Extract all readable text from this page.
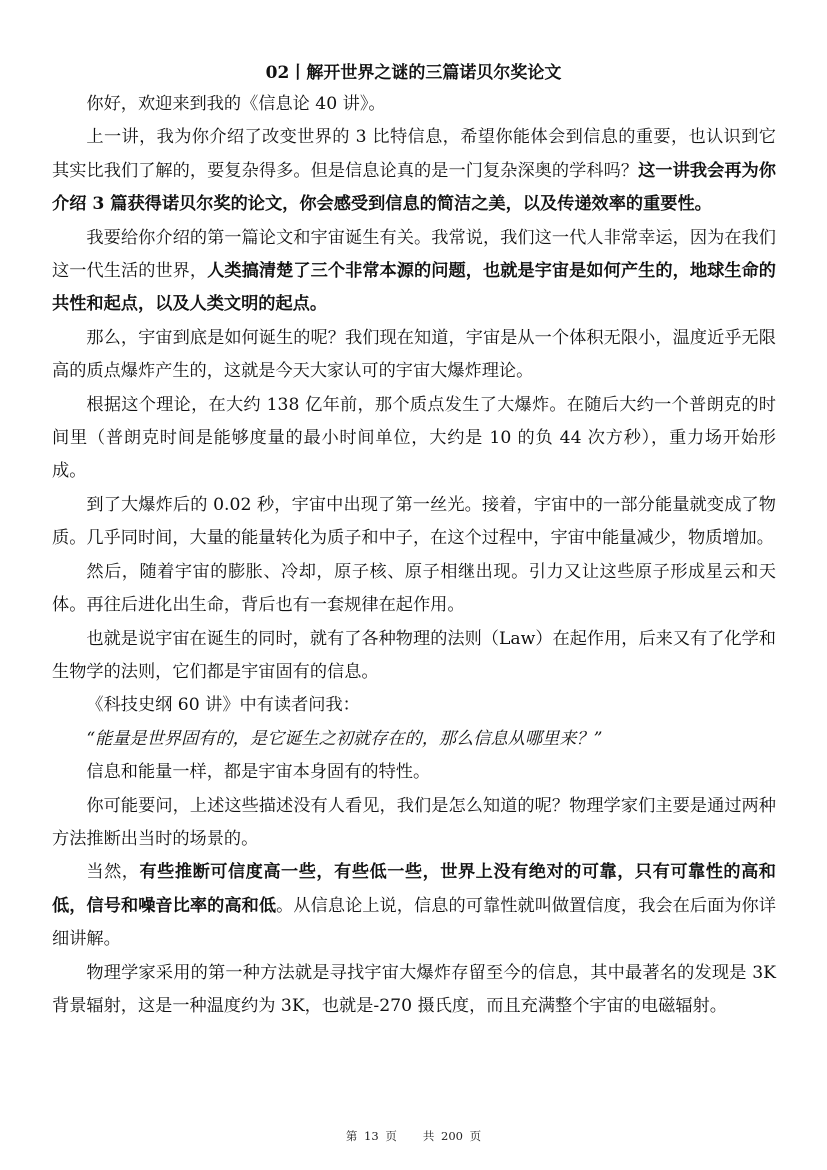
02丨解开世界之谜的三篇诺贝尔奖论文

你好，欢迎来到我的《信息论 40 讲》。

上一讲，我为你介绍了改变世界的 3 比特信息，希望你能体会到信息的重要，也认识到它其实比我们了解的，要复杂得多。但是信息论真的是一门复杂深奥的学科吗？这一讲我会再为你介绍 3 篇获得诺贝尔奖的论文，你会感受到信息的简洁之美，以及传递效率的重要性。

我要给你介绍的第一篇论文和宇宙诞生有关。我常说，我们这一代人非常幸运，因为在我们这一代生活的世界，人类搞清楚了三个非常本源的问题，也就是宇宙是如何产生的，地球生命的共性和起点，以及人类文明的起点。

那么，宇宙到底是如何诞生的呢？我们现在知道，宇宙是从一个体积无限小，温度近乎无限高的质点爆炸产生的，这就是今天大家认可的宇宙大爆炸理论。

根据这个理论，在大约 138 亿年前，那个质点发生了大爆炸。在随后大约一个普朗克的时间里（普朗克时间是能够度量的最小时间单位，大约是 10 的负 44 次方秒），重力场开始形成。

到了大爆炸后的 0.02 秒，宇宙中出现了第一丝光。接着，宇宙中的一部分能量就变成了物质。几乎同时间，大量的能量转化为质子和中子，在这个过程中，宇宙中能量减少，物质增加。

然后，随着宇宙的膨胀、冷却，原子核、原子相继出现。引力又让这些原子形成星云和天体。再往后进化出生命，背后也有一套规律在起作用。

也就是说宇宙在诞生的同时，就有了各种物理的法则（Law）在起作用，后来又有了化学和生物学的法则，它们都是宇宙固有的信息。

《科技史纲 60 讲》中有读者问我：

“能量是世界固有的，是它诞生之初就存在的，那么信息从哪里来？”

信息和能量一样，都是宇宙本身固有的特性。

你可能要问，上述这些描述没有人看见，我们是怎么知道的呢？物理学家们主要是通过两种方法推断出当时的场景的。

当然，有些推断可信度高一些，有些低一些，世界上没有绝对的可靠，只有可靠性的高和低，信号和噪音比率的高和低。从信息论上说，信息的可靠性就叫做置信度，我会在后面为你详细讲解。

物理学家采用的第一种方法就是寻找宇宙大爆炸存留至今的信息，其中最著名的发现是 3K 背景辐射，这是一种温度约为 3K，也就是-270 摄氏度，而且充满整个宇宙的电磁辐射。

第 13 页 共 200 页
